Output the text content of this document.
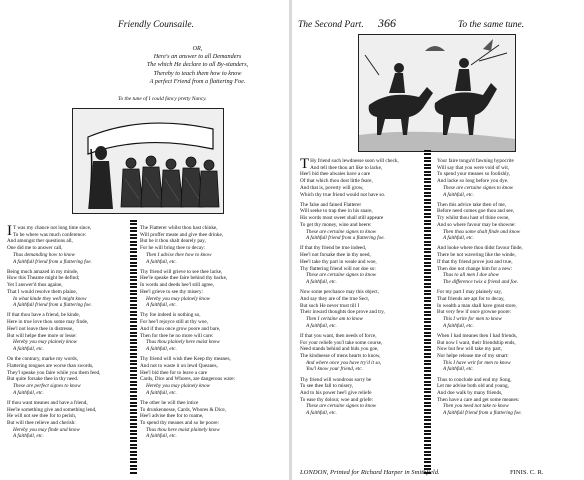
Friendly Counsaile.
OR,
Here's an answer to all Demanders
The which He declare to all By-standers,
Thereby to teach them how to know
A perfect Friend from a flattering Foe.
To the tune of I could fancy pretty Nancy.
I T was my chance not long time since,
To be where was much conference:
And amongst ther questions all,
One did me to answer call,
Thus demanding how to know
A faithfull friend from a flattering foe.
Being much amazed in my minde,
How this Theame might be defind;
Yet I answer'd thus againe,
That I would resolve them plaine,
In what kinde they well might know
A faithfull friend from a flattering foe.
If that thou have a friend, be kinde,
Here in true love thou some may finde,
Hee'l not leave thee in distresse,
But will helpe thee more or lesse:
Hereby you may plainely know
A faithfull, etc.
On the contrary, marke my words,
Flattering tongues are worse than swords,
They'l speake you faire while you them feed,
But quite forsake thee in thy need.
These are perfect signes to know
A faithfull, etc.
If thou want meanes and have a friend,
Hee'le something give and something lend,
He will not see thee for to perish,
But will thee relieve and cherish:
Hereby you may finde and know
A faithfull, etc.
The Flatterer whilst thou hast chinke,
Will proffer meate and give thee drinke,
But be it thou shalt dearely pay,
For he will bring thee to decay:
Then I advise thee how to know
A faithfull, etc.
Thy friend will grieve to see thee lacke,
Hee'le speake thee faire behind thy backe,
In words and deeds hee'l still agree,
Hee'l grieve to see thy misery:
Hereby you may plainely know
A faithfull, etc.
Thy foe indeed is nothing so,
For hee'l rejoyce still at thy woe,
And if thou once grow poore and bare,
Then for thee he no more will care:
Thus thou plainely here maist know
A faithfull, etc.
Thy friend will wish thee Keep thy meanes,
And not to waste it on lewd Queanes,
Hee'l bid thee for to leave a care
Cards, Dice and Whores, are dangerous ware:
Hereby you may plainely know
A faithfull, etc.
The other he will thee intice
To drunkennesse, Cards, Whores & Dice,
Hee'l advise thee for to roame,
To spend thy meanes and so be poore:
Thus thou here maist plainely know
A faithfull, etc.
The Second Part. 366	To the same tune.
T Hy friend such lewdnesse soon will check,
And tell thee thou art like to lacke,
Hee'l bid thee alwaies have a care
Of that which thou dost little feare,
And that is, poverty will grow,
Which thy true friend would not have so.
The false and fained Flatterer
Will seeke to trap thee in his snare,
His words most sweet shall still appeare
To get thy money, wine and beere:
These are certaine signes to know
A faithfull friend from a flattering foe.
If that thy friend be true indeed,
Hee'l not forsake thee in thy need,
Hee'l take thy part in weale and woe,
Thy flattering friend will not doe so:
These are certaine signes to know
A faithfull, etc.
Now some perchance may this object,
And say they are of the true Sect,
But such He never trust till I
Their inward thoughts doe prove and try,
Then I certaine am to know
A faithfull, etc.
If that you want, then needs of force,
For your reliefe you'l take some course,
Need stands behind and bids you goe,
The kindnesse of mens hearts to know,
And where once you have try'd it so,
You'l know your friend, etc.
Thy friend will wondrous sorry be
To see thee fall to misery,
And to his power hee'l give reliefe
To ease thy dolour, woe and griefe:
These are certaine signes to know
A faithfull, etc.
Your faire tongu'd fawning hypocrite
Will say that you were void of wit,
To spend your meanes so foolishly,
And lacke so long before you dye.
These are certaine signes to know
A faithfull, etc.
Then this advice take then of me,
Before need comes goe thou and see,
Try whilst thou hast of thine owne,
And so where favour may be showne:
Then thou some shalt finde and know
A faithfull, etc.
And looke where thou didst favour finde,
There be not wavering like the winde,
If that thy friend prove just and true,
Then doe not change him for a new:
Thus to all men I doe show
The difference twix a friend and foe.
For my part I may plainely say,
That friends are apt for to decay,
In wealth a man shall have great store,
But very few if once growne poore:
This I write for men to know
A faithfull, etc.
When I had meanes then I had friends,
But now I want, their friendship ends,
Now but few will take my part,
Nor helpe release me of my smart:
This I have writ for men to know
A faithfull, etc.
Thus to conclude and end my Song,
Let me advise both old and young,
And doe walk by many friends,
Then have a care and get some meanes:
Then you need not take to know
A faithfull friend from a flattering foe.
LONDON, Printed for Richard Harper in Smithfield.	FINIS. C. R.
